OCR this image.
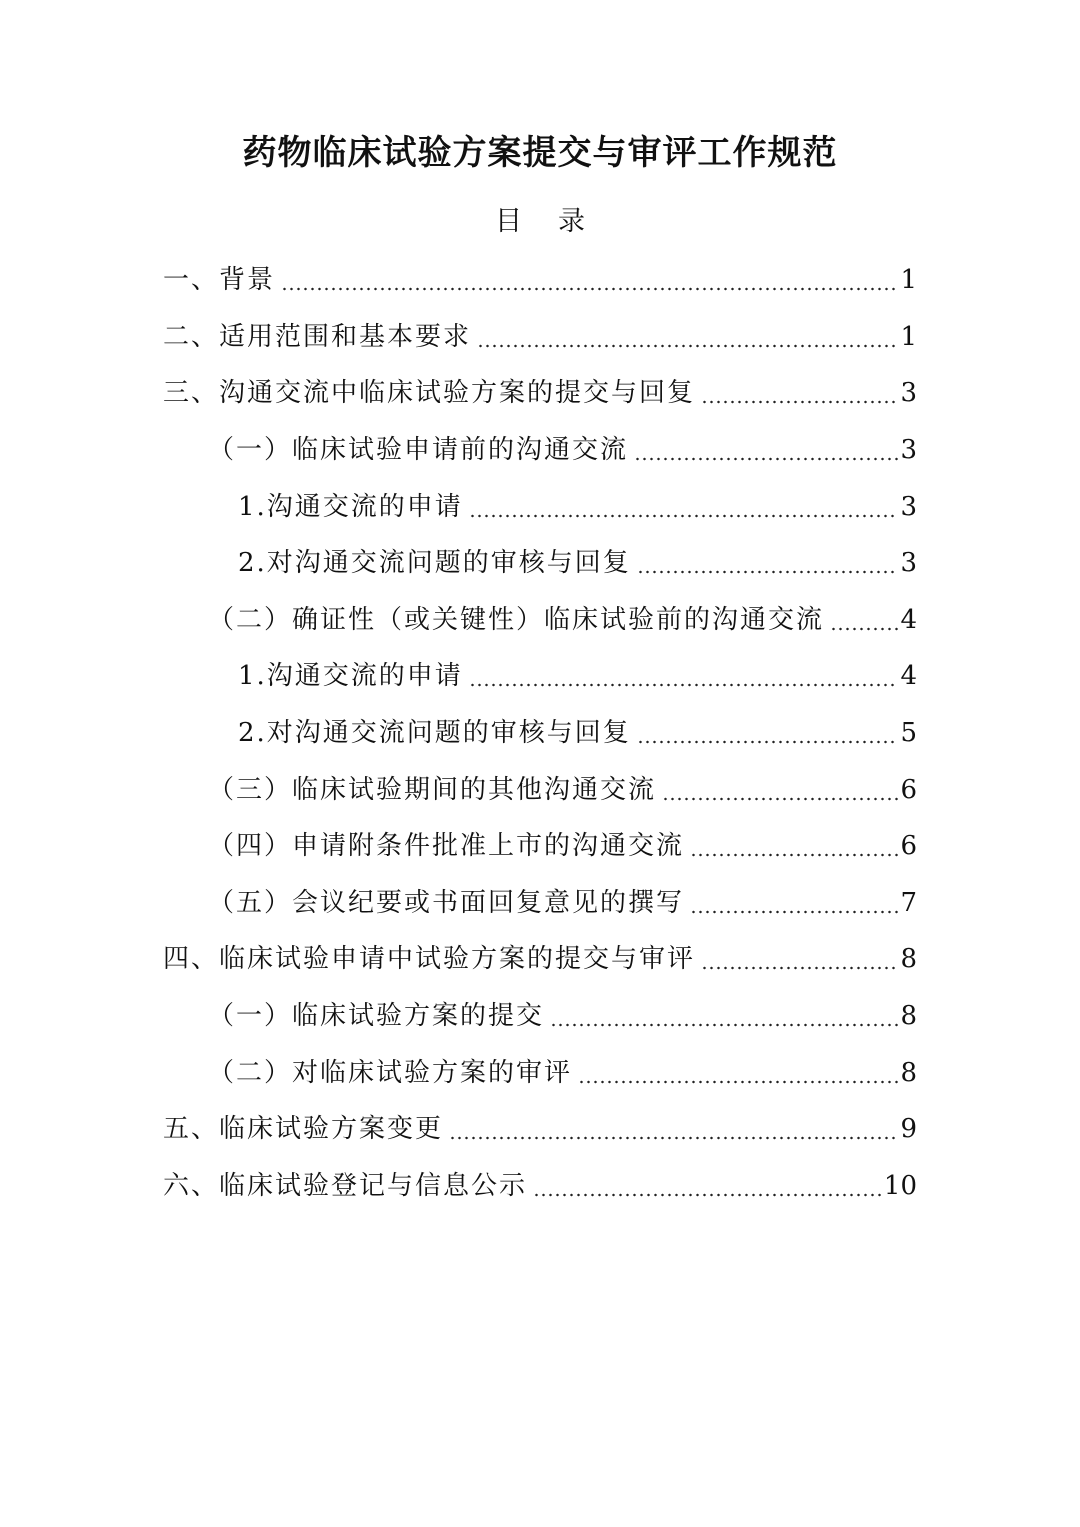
药物临床试验方案提交与审评工作规范
目 录
一、背景	1
二、适用范围和基本要求	1
三、沟通交流中临床试验方案的提交与回复	3
（一）临床试验申请前的沟通交流	3
1.沟通交流的申请	3
2.对沟通交流问题的审核与回复	3
（二）确证性（或关键性）临床试验前的沟通交流	4
1.沟通交流的申请	4
2.对沟通交流问题的审核与回复	5
（三）临床试验期间的其他沟通交流	6
（四）申请附条件批准上市的沟通交流	6
（五）会议纪要或书面回复意见的撰写	7
四、临床试验申请中试验方案的提交与审评	8
（一）临床试验方案的提交	8
（二）对临床试验方案的审评	8
五、临床试验方案变更	9
六、临床试验登记与信息公示	10
